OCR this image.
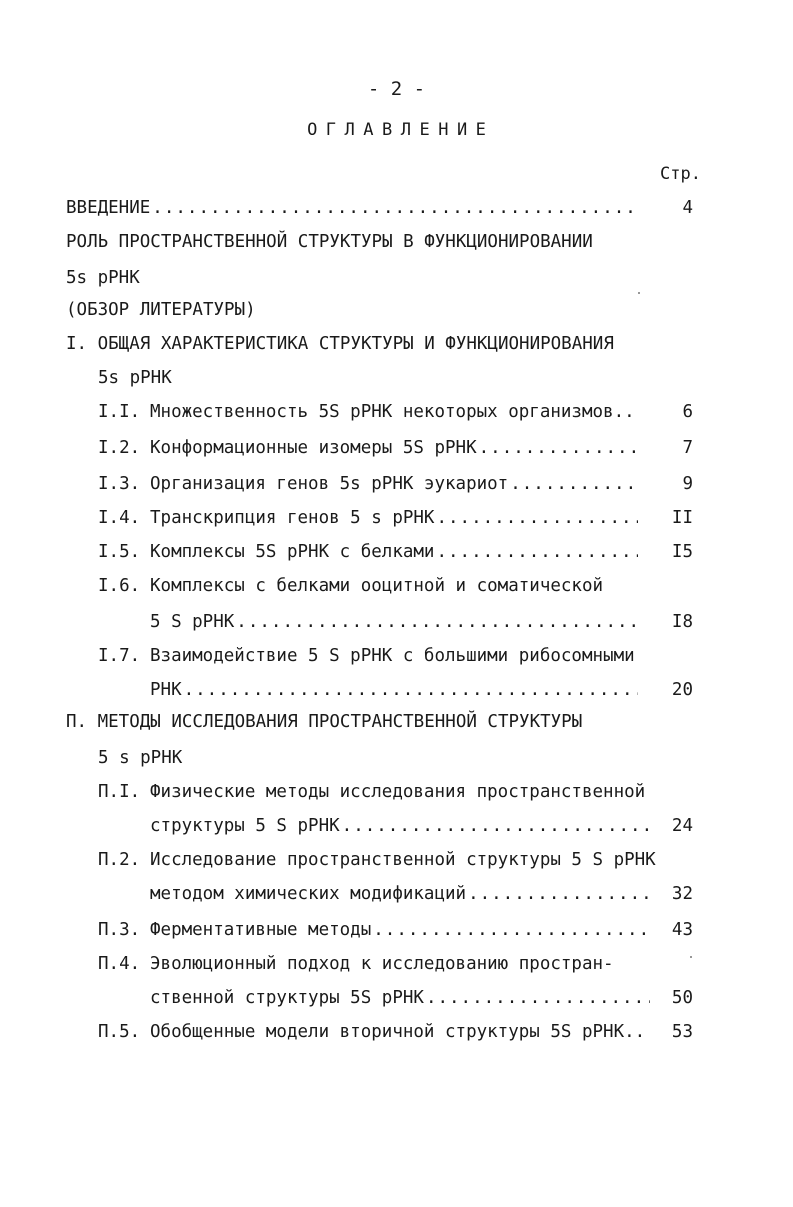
- 2 -
ОГЛАВЛЕНИЕ
Стр.
ВВЕДЕНИЕ .....	4
РОЛЬ ПРОСТРАНСТВЕННОЙ СТРУКТУРЫ В ФУНКЦИОНИРОВАНИИ
5s рРНК
(ОБЗОР ЛИТЕРАТУРЫ)
I. ОБЩАЯ ХАРАКТЕРИСТИКА СТРУКТУРЫ И ФУНКЦИОНИРОВАНИЯ
5s рРНК
I.I. Множественность 5S рРНК некоторых организмов..	6
I.2. Конформационные изомеры 5S рРНК .....	7
I.3. Организация генов 5s рРНК эукариот .....	9
I.4. Транскрипция генов 5 s рРНК .....	II
I.5. Комплексы 5S рРНК с белками .....	I5
I.6. Комплексы с белками ооцитной и соматической
5 S рРНК .....	I8
I.7. Взаимодействие 5 S рРНК с большими рибосомными
РНК .....	20
П. МЕТОДЫ ИССЛЕДОВАНИЯ ПРОСТРАНСТВЕННОЙ СТРУКТУРЫ
5 s рРНК
П.I. Физические методы исследования пространственной
структуры 5 S рРНК .....	24
П.2. Исследование пространственной структуры 5 S рРНК
методом химических модификаций .....	32
П.3. Ферментативные методы .....	43
П.4. Эволюционный подход к исследованию простран-
ственной структуры 5S рРНК .....	50
П.5. Обобщенные модели вторичной структуры 5S рРНК.. 53
